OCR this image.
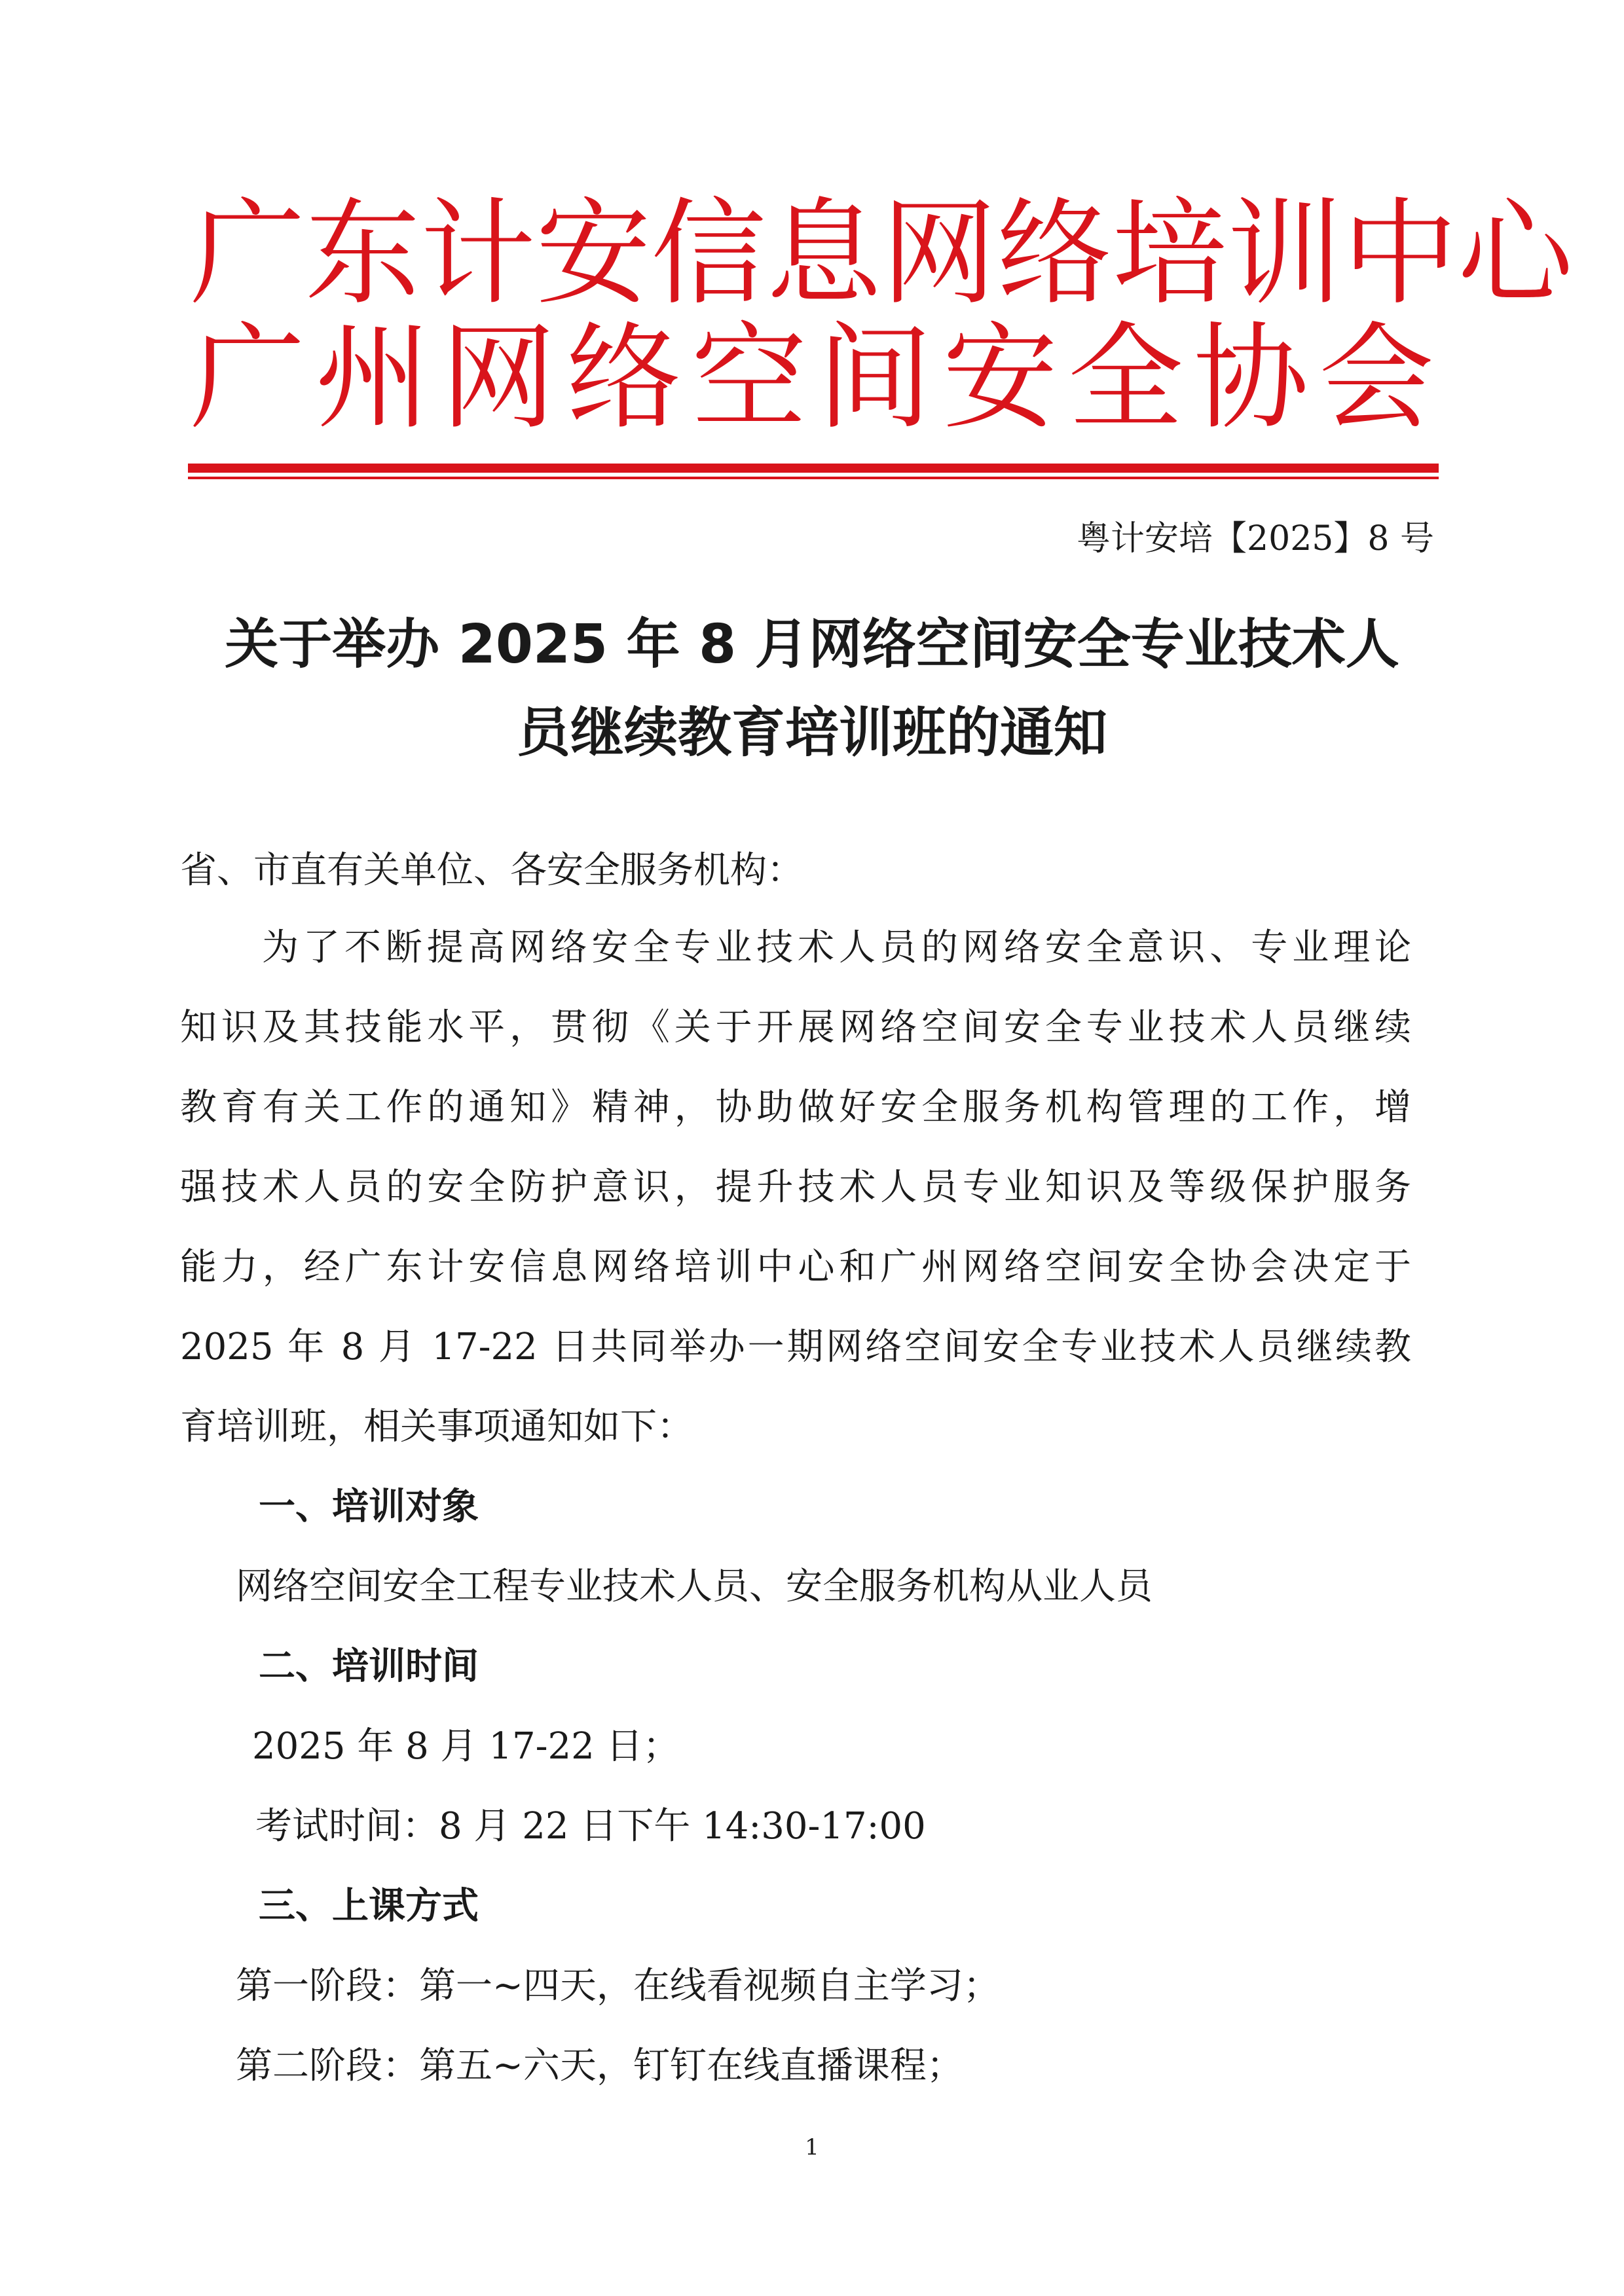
广 东 计 安 信 息 网 络 培 训 中 心
广 州 网 络 空 间 安 全 协 会
粤计安培【2025】8 号
关于举办 2025 年 8 月网络空间安全专业技术人
员继续教育培训班的通知
省、市直有关单位、各安全服务机构：
为了不断提高网络安全专业技术人员的网络安全意识、专业理论
知识及其技能水平，贯彻《关于开展网络空间安全专业技术人员继续
教育有关工作的通知》精神，协助做好安全服务机构管理的工作，增
强技术人员的安全防护意识，提升技术人员专业知识及等级保护服务
能力，经广东计安信息网络培训中心和广州网络空间安全协会决定于
2025 年 8 月 17-22 日共同举办一期网络空间安全专业技术人员继续教
育培训班，相关事项通知如下：
一、培训对象
网络空间安全工程专业技术人员、安全服务机构从业人员
二、培训时间
2025 年 8 月 17-22 日；
考试时间：8 月 22 日下午 14:30-17:00
三、上课方式
第一阶段：第一~四天，在线看视频自主学习；
第二阶段：第五~六天，钉钉在线直播课程；
1
